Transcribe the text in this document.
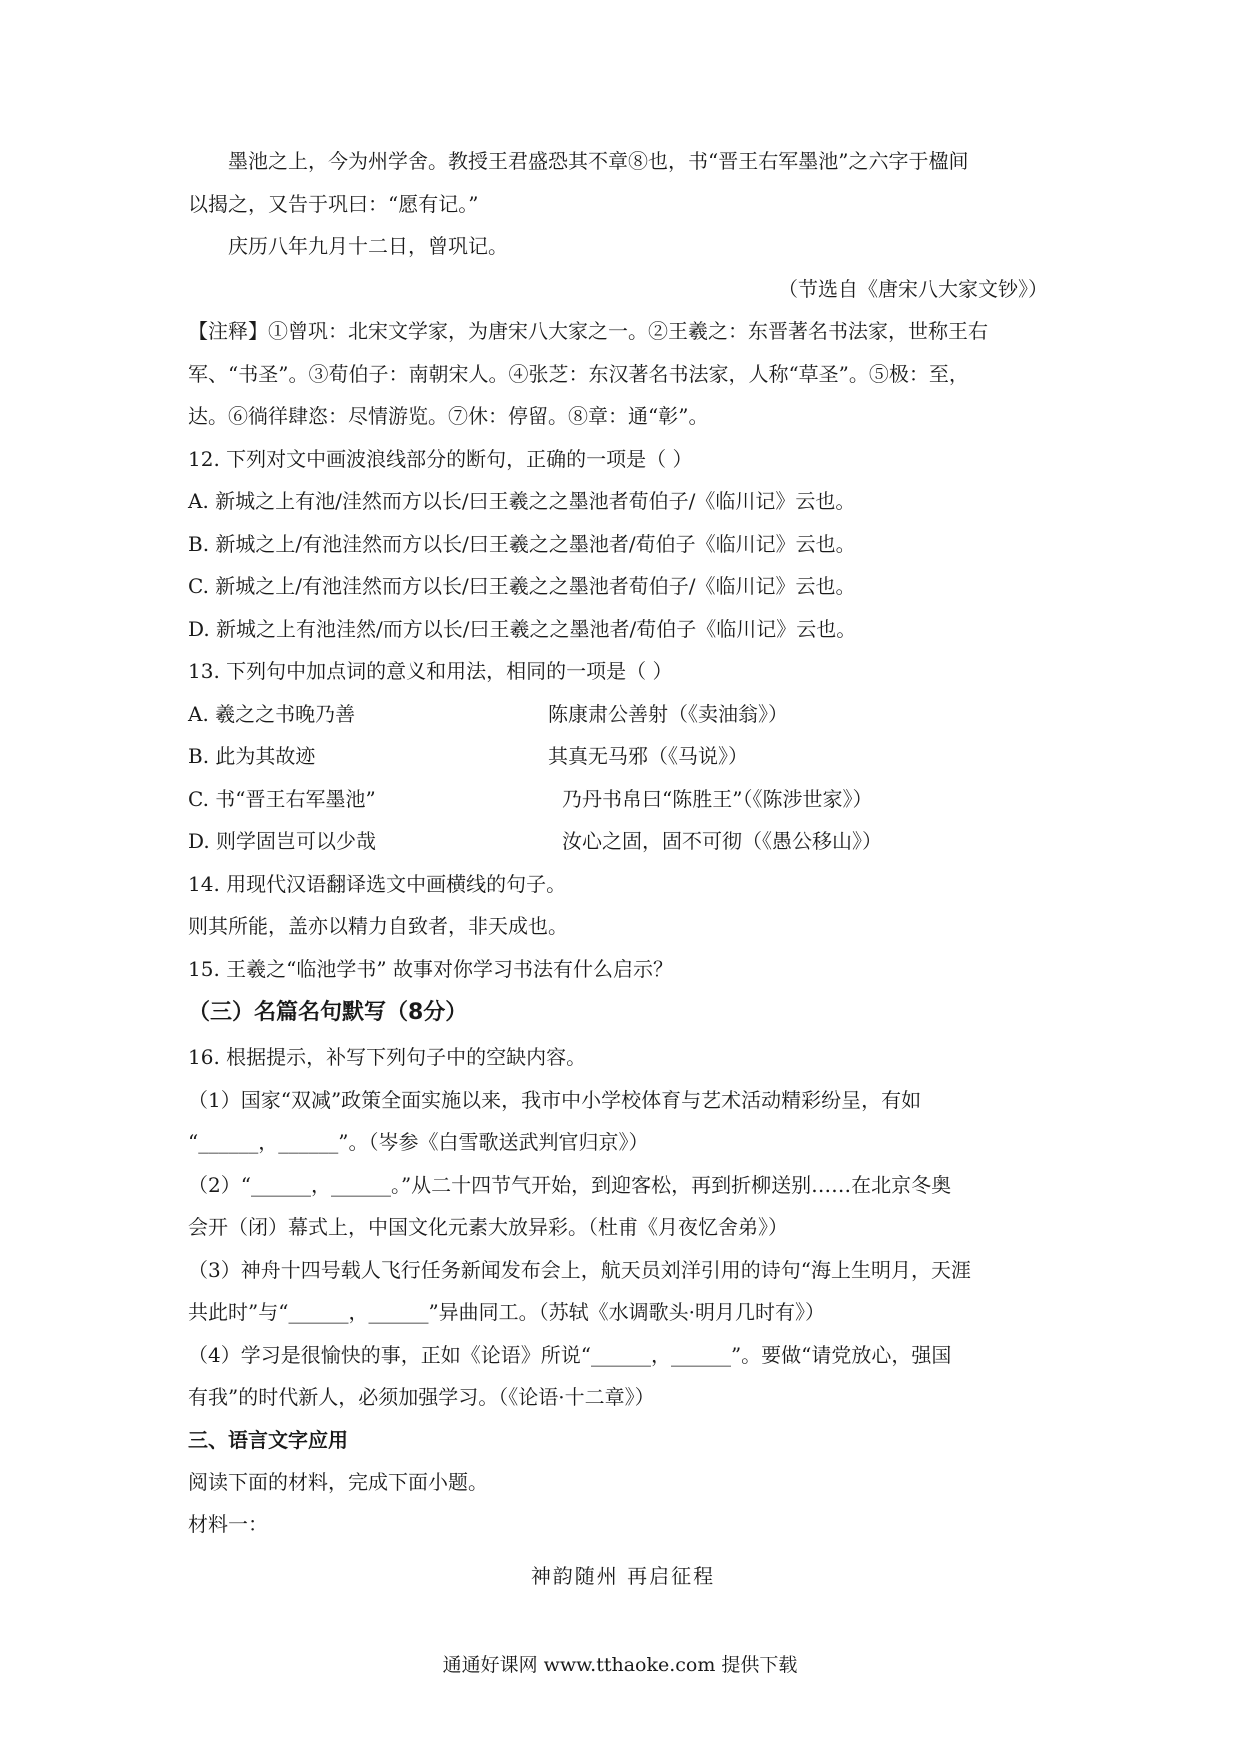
墨池之上，今为州学舍。教授王君盛恐其不章⑧也，书“晋王右军墨池”之六字于楹间

以揭之，又告于巩曰：“愿有记。”

庆历八年九月十二日，曾巩记。

（节选自《唐宋八大家文钞》）

【注释】①曾巩：北宋文学家，为唐宋八大家之一。②王羲之：东晋著名书法家，世称王右

军、“书圣”。③荀伯子：南朝宋人。④张芝：东汉著名书法家，人称“草圣”。⑤极：至，

达。⑥徜徉肆恣：尽情游览。⑦休：停留。⑧章：通“彰”。

12. 下列对文中画波浪线部分的断句，正确的一项是（ ）

A. 新城之上有池/洼然而方以长/曰王羲之之墨池者荀伯子/《临川记》云也。

B. 新城之上/有池洼然而方以长/曰王羲之之墨池者/荀伯子《临川记》云也。

C. 新城之上/有池洼然而方以长/曰王羲之之墨池者荀伯子/《临川记》云也。

D. 新城之上有池洼然/而方以长/曰王羲之之墨池者/荀伯子《临川记》云也。

13. 下列句中加点词的意义和用法，相同的一项是（ ）

A. 羲之之书晚乃善	陈康肃公善射（《卖油翁》）
B. 此为其故迹	其真无马邪（《马说》）
C. 书“晋王右军墨池”	乃丹书帛曰“陈胜王”（《陈涉世家》）
D. 则学固岂可以少哉	汝心之固，固不可彻（《愚公移山》）

14. 用现代汉语翻译选文中画横线的句子。

则其所能，盖亦以精力自致者，非天成也。

15. 王羲之“临池学书” 故事对你学习书法有什么启示？

（三）名篇名句默写（8分）

16. 根据提示，补写下列句子中的空缺内容。

（1）国家“双减”政策全面实施以来，我市中小学校体育与艺术活动精彩纷呈，有如

“______，______”。（岑参《白雪歌送武判官归京》）

（2）“______，______。”从二十四节气开始，到迎客松，再到折柳送别……在北京冬奥

会开（闭）幕式上，中国文化元素大放异彩。（杜甫《月夜忆舍弟》）

（3）神舟十四号载人飞行任务新闻发布会上，航天员刘洋引用的诗句“海上生明月，天涯

共此时”与“______，______”异曲同工。（苏轼《水调歌头·明月几时有》）

（4）学习是很愉快的事，正如《论语》所说“______，______”。要做“请党放心，强国

有我”的时代新人，必须加强学习。（《论语·十二章》）

三、语言文字应用

阅读下面的材料，完成下面小题。

材料一：

神韵随州 再启征程

通通好课网 www.tthaoke.com 提供下载
